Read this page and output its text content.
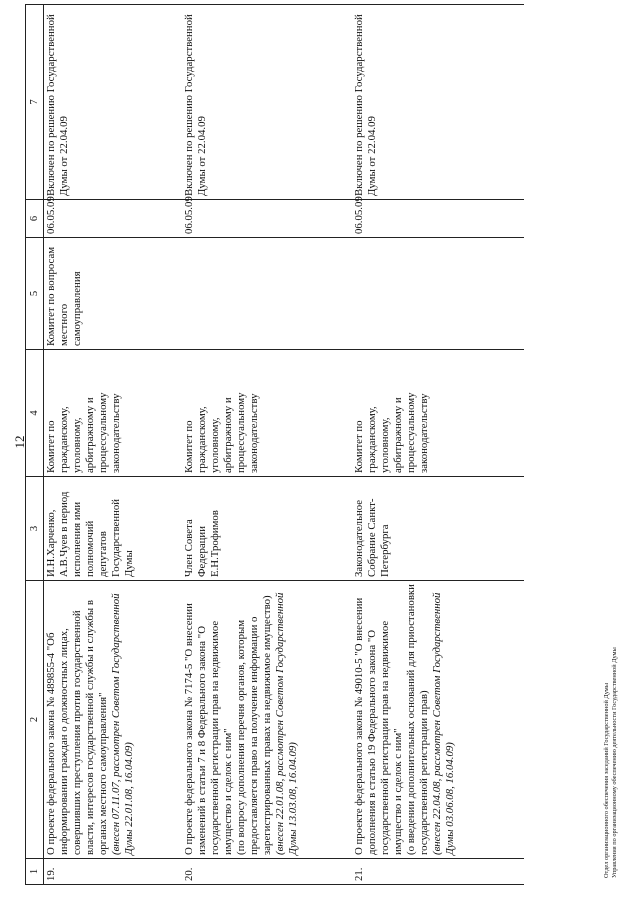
12
1	2	3	4	5	6	7
19.	О проекте федерального закона № 489855-4 "Об информировании граждан о должностных лицах, совершивших преступления против государственной власти, интересов государственной службы и службы в органах местного самоуправления" (внесен 07.11.07, рассмотрен Советом Государственной Думы 22.01.08, 16.04.09)	И.Н.Харченко, А.В.Чуев в период исполнения ими полномочий депутатов Государственной Думы	Комитет по гражданскому, уголовному, арбитражному и процессуальному законодательству	Комитет по вопросам местного самоуправления	06.05.09	Включен по решению Государственной Думы от 22.04.09
20.	О проекте федерального закона № 7174-5 "О внесении изменений в статьи 7 и 8 Федерального закона "О государственной регистрации прав на недвижимое имущество и сделок с ним" (по вопросу дополнения перечня органов, которым предоставляется право на получение информации о зарегистрированных правах на недвижимое имущество) (внесен 22.01.08, рассмотрен Советом Государственной Думы 13.03.08, 16.04.09)	Член Совета Федерации Е.Н.Трофимов	Комитет по гражданскому, уголовному, арбитражному и процессуальному законодательству		06.05.09	Включен по решению Государственной Думы от 22.04.09
21.	О проекте федерального закона № 49010-5 "О внесении дополнения в статью 19 Федерального закона "О государственной регистрации прав на недвижимое имущество и сделок с ним" (о введении дополнительных оснований для приостановки государственной регистрации прав) (внесен 22.04.08, рассмотрен Советом Государственной Думы 03.06.08, 16.04.09)	Законодательное Собрание Санкт-Петербурга	Комитет по гражданскому, уголовному, арбитражному и процессуальному законодательству		06.05.09	Включен по решению Государственной Думы от 22.04.09
Отдел организационного обеспечения заседаний Государственной Думы Управления по организационному обеспечению деятельности Государственной Думы
